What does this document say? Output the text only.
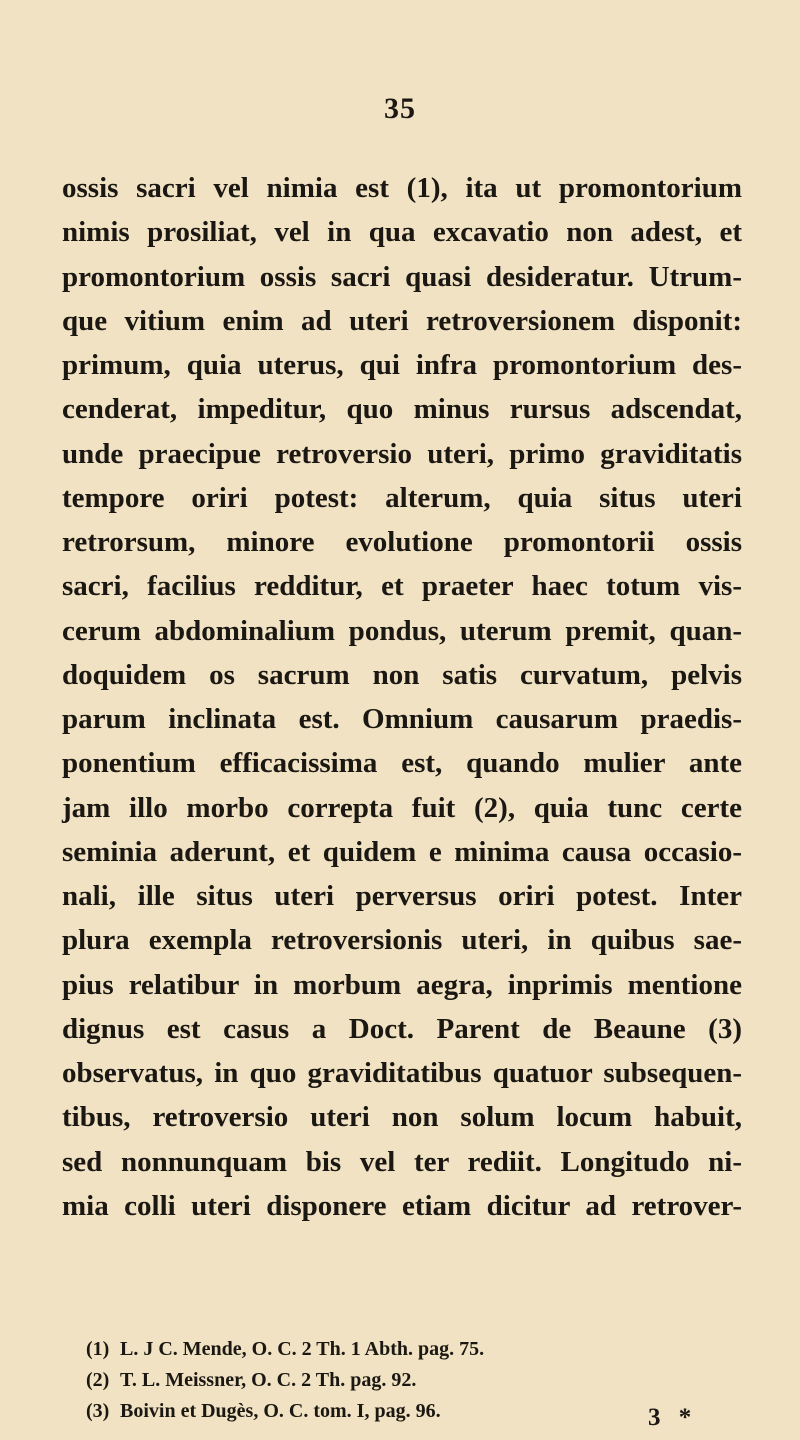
35
ossis sacri vel nimia est (1), ita ut promontorium
nimis prosiliat, vel in qua excavatio non adest, et
promontorium ossis sacri quasi desideratur. Utrum-
que vitium enim ad uteri retroversionem disponit:
primum, quia uterus, qui infra promontorium des-
cenderat, impeditur, quo minus rursus adscendat,
unde praecipue retroversio uteri, primo graviditatis
tempore oriri potest: alterum, quia situs uteri
retrorsum, minore evolutione promontorii ossis
sacri, facilius redditur, et praeter haec totum vis-
cerum abdominalium pondus, uterum premit, quan-
doquidem os sacrum non satis curvatum, pelvis
parum inclinata est. Omnium causarum praedis-
ponentium efficacissima est, quando mulier ante
jam illo morbo correpta fuit (2), quia tunc certe
seminia aderunt, et quidem e minima causa occasio-
nali, ille situs uteri perversus oriri potest. Inter
plura exempla retroversionis uteri, in quibus sae-
pius relatibur in morbum aegra, inprimis mentione
dignus est casus a Doct. Parent de Beaune (3)
observatus, in quo graviditatibus quatuor subsequen-
tibus, retroversio uteri non solum locum habuit,
sed nonnunquam bis vel ter rediit. Longitudo ni-
mia colli uteri disponere etiam dicitur ad retrover-
(1) L. J C. Mende, O. C. 2 Th. 1 Abth. pag. 75.
(2) T. L. Meissner, O. C. 2 Th. pag. 92.
(3) Boivin et Dugès, O. C. tom. I, pag. 96.	3 *
